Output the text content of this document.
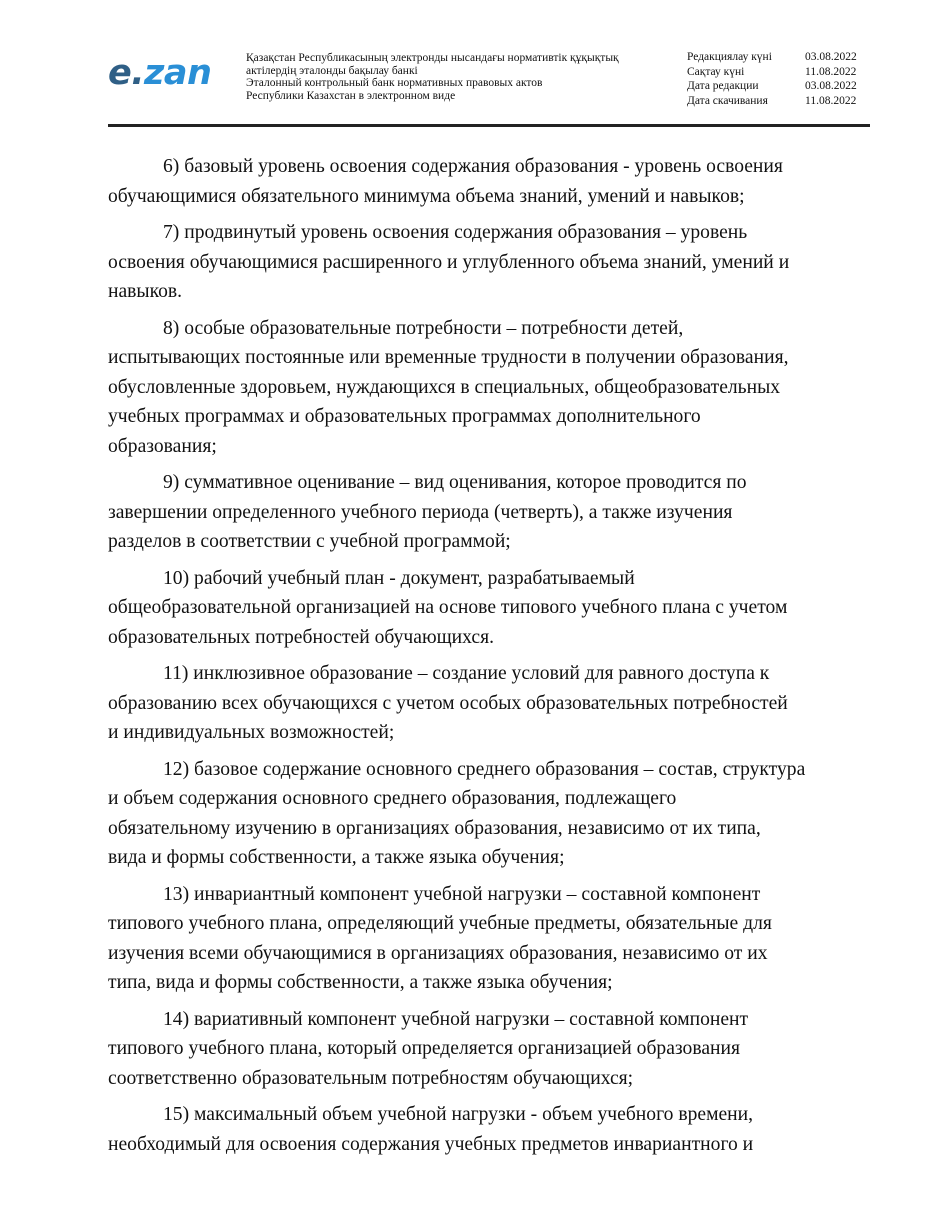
e.zan	Қазақстан Республикасының электронды нысандағы нормативтік құқықтық
актілердің эталонды бақылау банкі
Эталонный контрольный банк нормативных правовых актов
Республики Казахстан в электронном виде
Редакциялау күні	03.08.2022
Сақтау күні	11.08.2022
Дата редакции	03.08.2022
Дата скачивания	11.08.2022
6) базовый уровень освоения содержания образования - уровень освоения
обучающимися обязательного минимума объема знаний, умений и навыков;
7) продвинутый уровень освоения содержания образования – уровень
освоения обучающимися расширенного и углубленного объема знаний, умений и
навыков.
8) особые образовательные потребности – потребности детей,
испытывающих постоянные или временные трудности в получении образования,
обусловленные здоровьем, нуждающихся в специальных, общеобразовательных
учебных программах и образовательных программах дополнительного
образования;
9) суммативное оценивание – вид оценивания, которое проводится по
завершении определенного учебного периода (четверть), а также изучения
разделов в соответствии с учебной программой;
10) рабочий учебный план - документ, разрабатываемый
общеобразовательной организацией на основе типового учебного плана с учетом
образовательных потребностей обучающихся.
11) инклюзивное образование – создание условий для равного доступа к
образованию всех обучающихся с учетом особых образовательных потребностей
и индивидуальных возможностей;
12) базовое содержание основного среднего образования – состав, структура
и объем содержания основного среднего образования, подлежащего
обязательному изучению в организациях образования, независимо от их типа,
вида и формы собственности, а также языка обучения;
13) инвариантный компонент учебной нагрузки – составной компонент
типового учебного плана, определяющий учебные предметы, обязательные для
изучения всеми обучающимися в организациях образования, независимо от их
типа, вида и формы собственности, а также языка обучения;
14) вариативный компонент учебной нагрузки – составной компонент
типового учебного плана, который определяется организацией образования
соответственно образовательным потребностям обучающихся;
15) максимальный объем учебной нагрузки - объем учебного времени,
необходимый для освоения содержания учебных предметов инвариантного и
